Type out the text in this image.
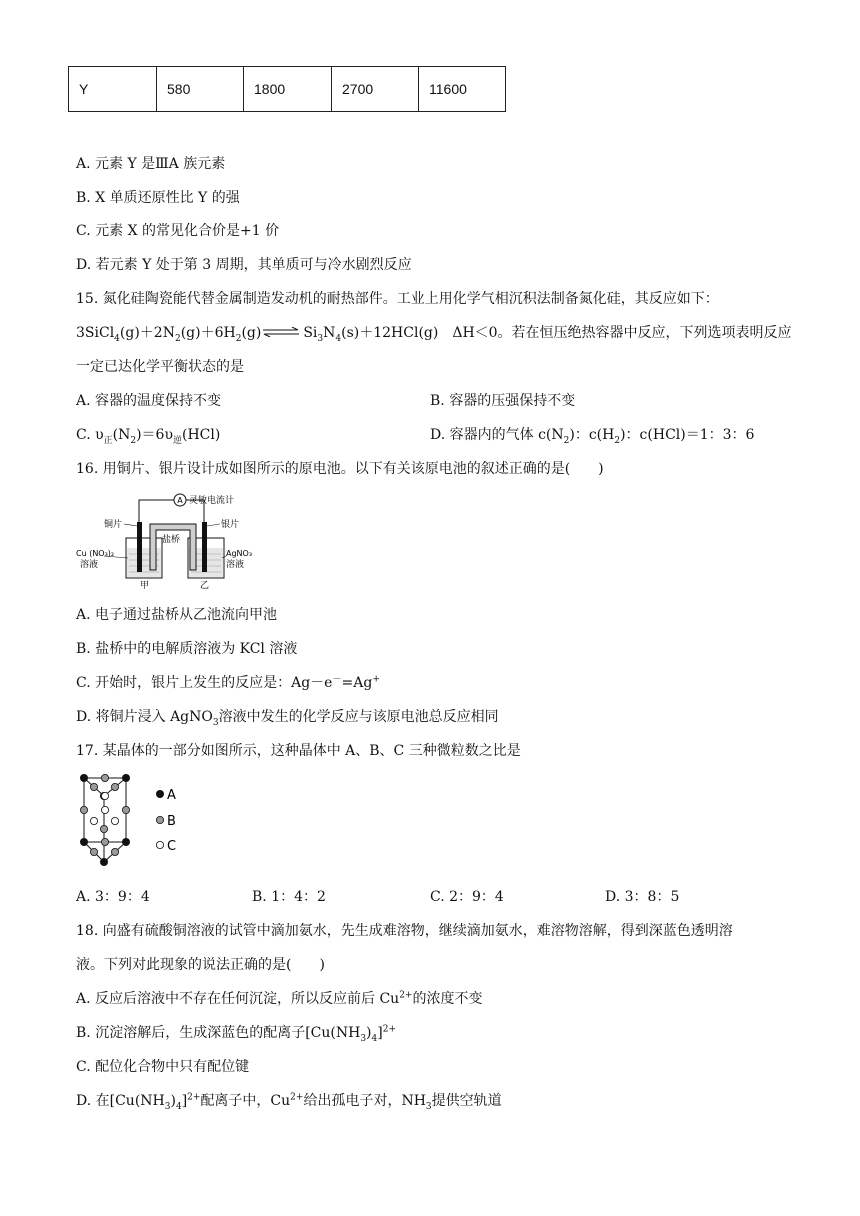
Y	580	1800	2700	11600
A. 元素 Y 是ⅢA 族元素
B. X 单质还原性比 Y 的强
C. 元素 X 的常见化合价是+1 价
D. 若元素 Y 处于第 3 周期，其单质可与冷水剧烈反应
15. 氮化硅陶瓷能代替金属制造发动机的耐热部件。工业上用化学气相沉积法制备氮化硅，其反应如下：
$3SiCl_4(g)+2N_2(g)+6H_2(g)\rightleftharpoons Si_3N_4(s)+12HCl(g)$　ΔH＜0。若在恒压绝热容器中反应，下列选项表明反应
一定已达化学平衡状态的是
A. 容器的温度保持不变	B. 容器的压强保持不变
C. $\upsilon_正(N_2)=6\upsilon_逆(HCl)$	D. 容器内的气体 $c(N_2)$：$c(H_2)$：c(HCl)＝1：3：6
16. 用铜片、银片设计成如图所示的原电池。以下有关该原电池的叙述正确的是(　　)
A 灵敏电流计
铜片	银片
盐桥
Cu (NO₃)₂
溶液
AgNO₃
溶液
甲	乙
A. 电子通过盐桥从乙池流向甲池
B. 盐桥中的电解质溶液为 KCl 溶液
C. 开始时，银片上发生的反应是：Ag－e－=Ag+
D. 将铜片浸入 AgNO$_3$溶液中发生的化学反应与该原电池总反应相同
17. 某晶体的一部分如图所示，这种晶体中 A、B、C 三种微粒数之比是
A
B
C
A. 3：9：4	B. 1：4：2	C. 2：9：4	D. 3：8：5
18. 向盛有硫酸铜溶液的试管中滴加氨水，先生成难溶物，继续滴加氨水，难溶物溶解，得到深蓝色透明溶
液。下列对此现象的说法正确的是(　　)
A. 反应后溶液中不存在任何沉淀，所以反应前后 $Cu^{2+}$的浓度不变
B. 沉淀溶解后，生成深蓝色的配离子$[Cu(NH_3)_4]^{2+}$
C. 配位化合物中只有配位键
D. 在$[Cu(NH_3)_4]^{2+}$配离子中，$Cu^{2+}$给出孤电子对，$NH_3$提供空轨道
